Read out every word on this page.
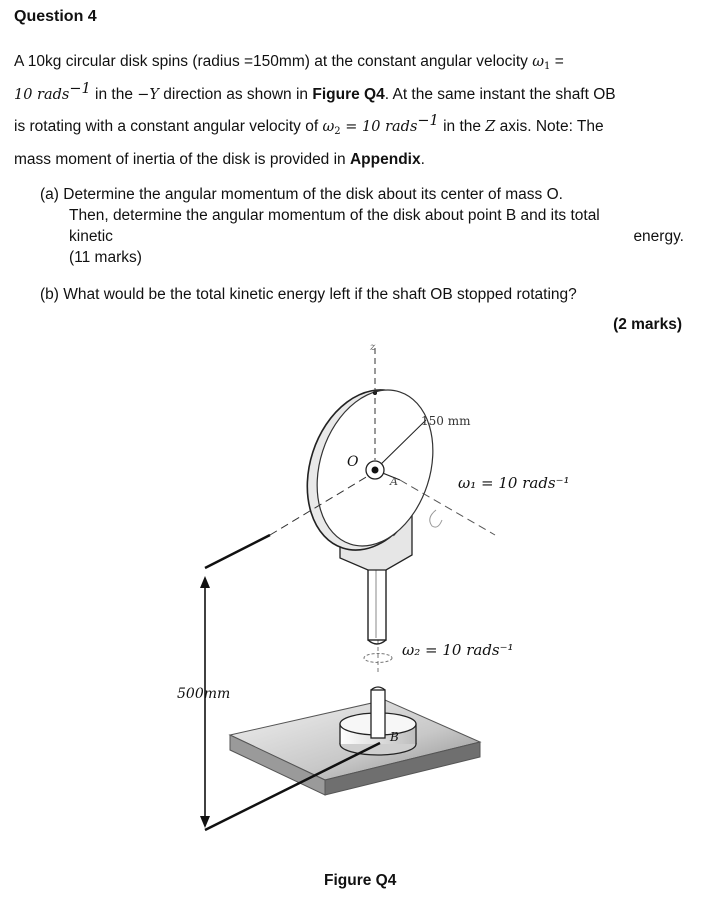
Question 4
A 10kg circular disk spins (radius =150mm) at the constant angular velocity $\omega_1$ =
10 rads$^{-1}$ in the −Y direction as shown in Figure Q4. At the same instant the shaft OB
is rotating with a constant angular velocity of $\omega_2 = 10$ rads$^{-1}$ in the Z axis. Note: The
mass moment of inertia of the disk is provided in Appendix.
(a) Determine the angular momentum of the disk about its center of mass O.
Then, determine the angular momentum of the disk about point B and its total
kinetic	energy.
(11 marks)
(b) What would be the total kinetic energy left if the shaft OB stopped rotating?
(2 marks)
150 mm
O
A
z
ω₁ = 10 rads⁻¹
ω₂ = 10 rads⁻¹
500mm
B
Figure Q4
